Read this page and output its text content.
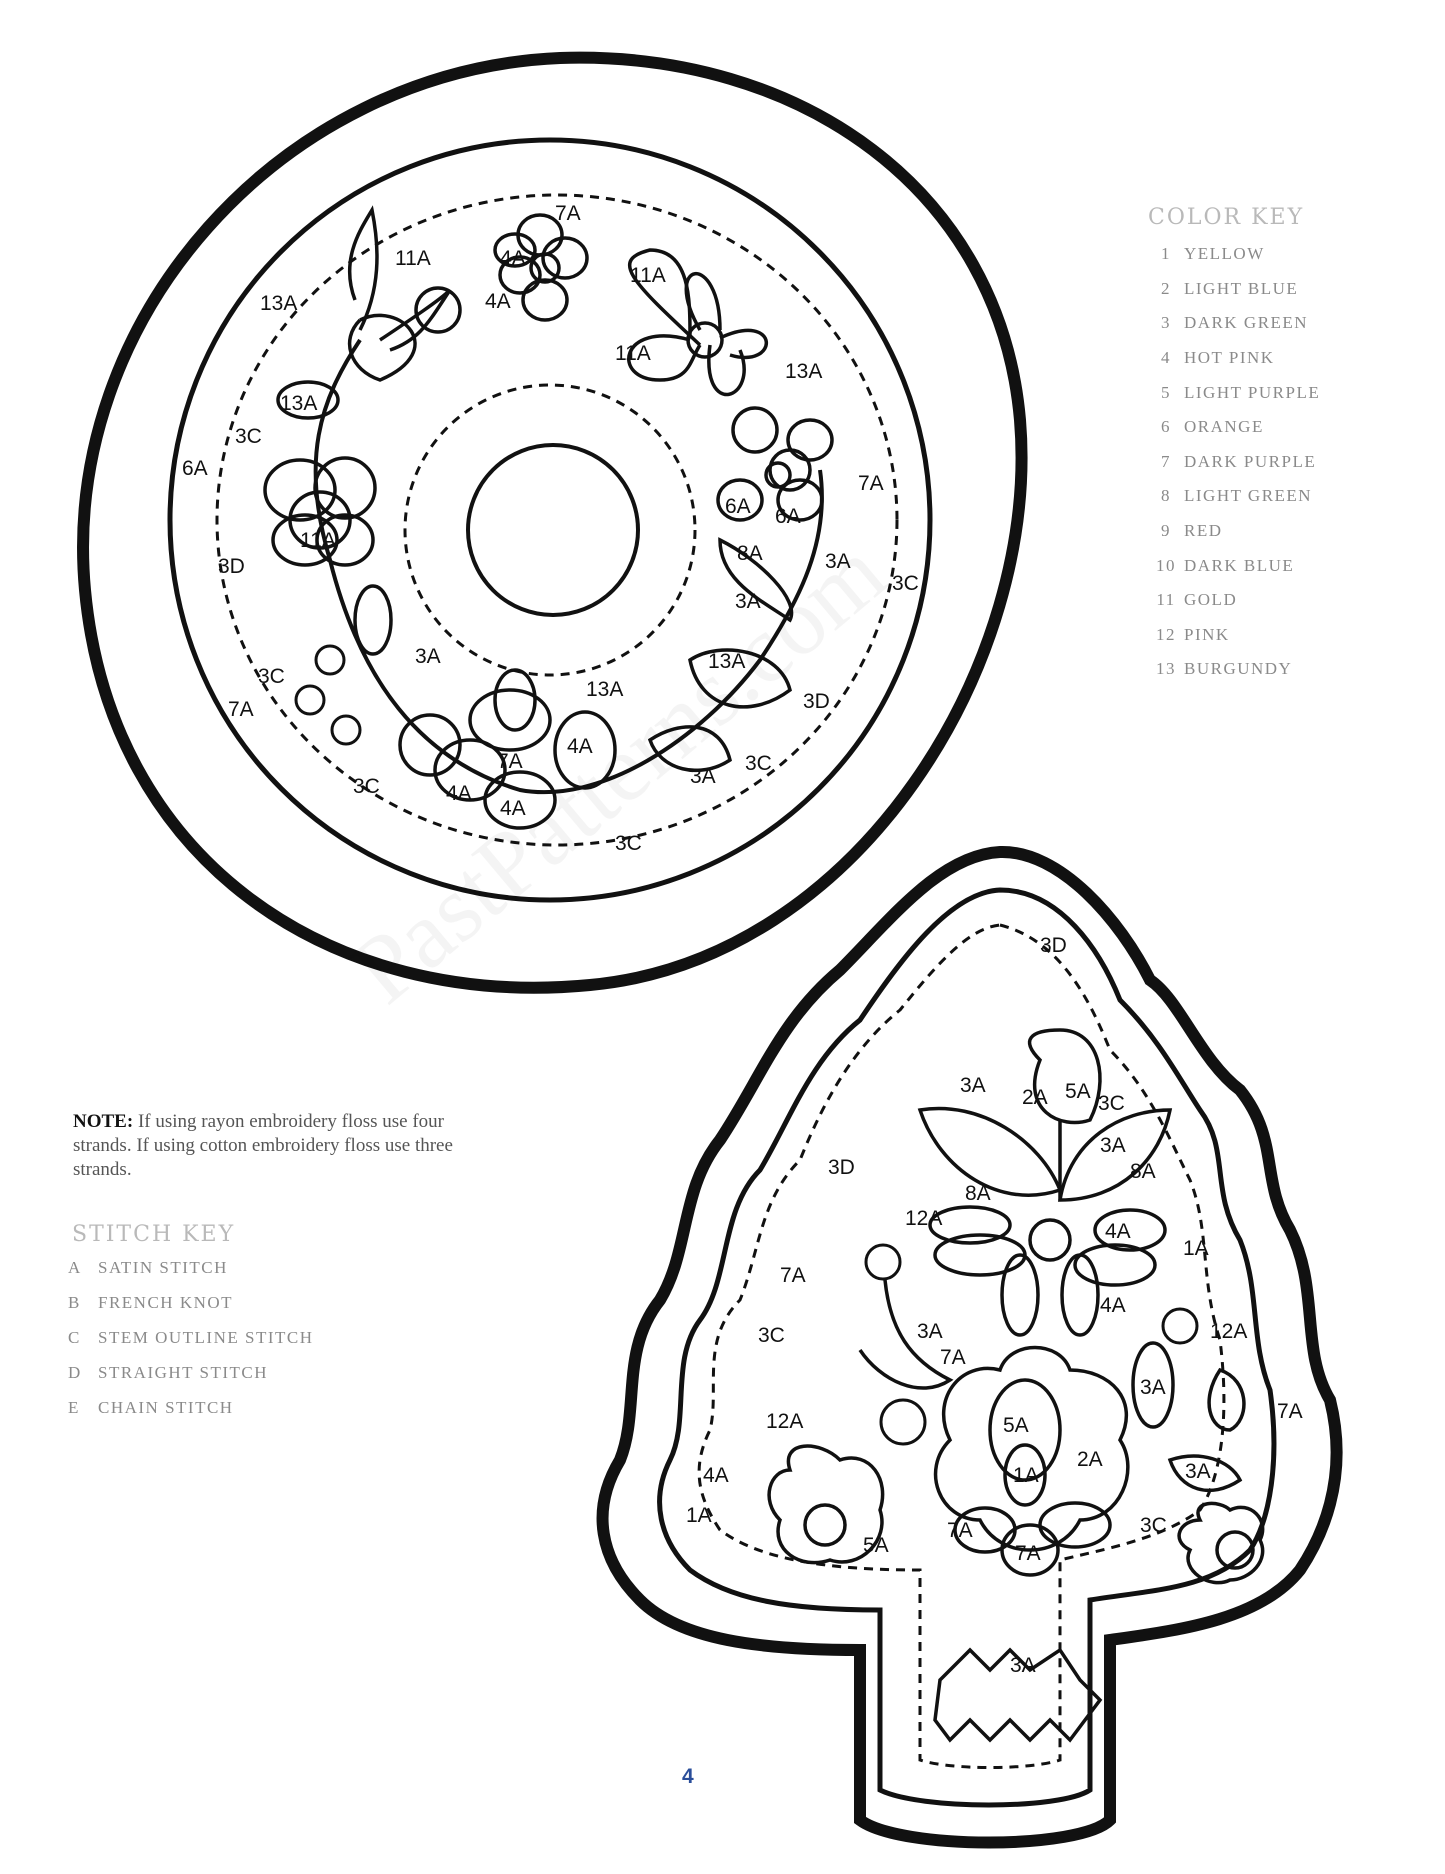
7A
11A	4A
4A
11A
11A
13A
13A
13A
3C
6A
11A
3D
3A
3C
7A
3C
13A
7A
4A
4A
4A
3C
3A
3C
3D
13A
3C
6A 6A
7A
8A
3A
3A
3D
3A
2A 5A
3C
3A
8A
8A
3D
12A
4A
1A
7A
4A
12A
3A
7A
3C
3A
7A
12A	5A
2A
1A
4A
1A
5A
7A
7A
3A
3C
3A
COLOR KEY
1 YELLOW
2 LIGHT BLUE
3 DARK GREEN
4 HOT PINK
5 LIGHT PURPLE
6 ORANGE
7 DARK PURPLE
8 LIGHT GREEN
9 RED
10 DARK BLUE
11 GOLD
12 PINK
13 BURGUNDY
NOTE: If using rayon embroidery floss use four strands. If using cotton embroidery floss use three strands.
STITCH KEY
A SATIN STITCH
B	FRENCH KNOT
C	STEM OUTLINE STITCH
D STRAIGHT STITCH
E	CHAIN STITCH
4
